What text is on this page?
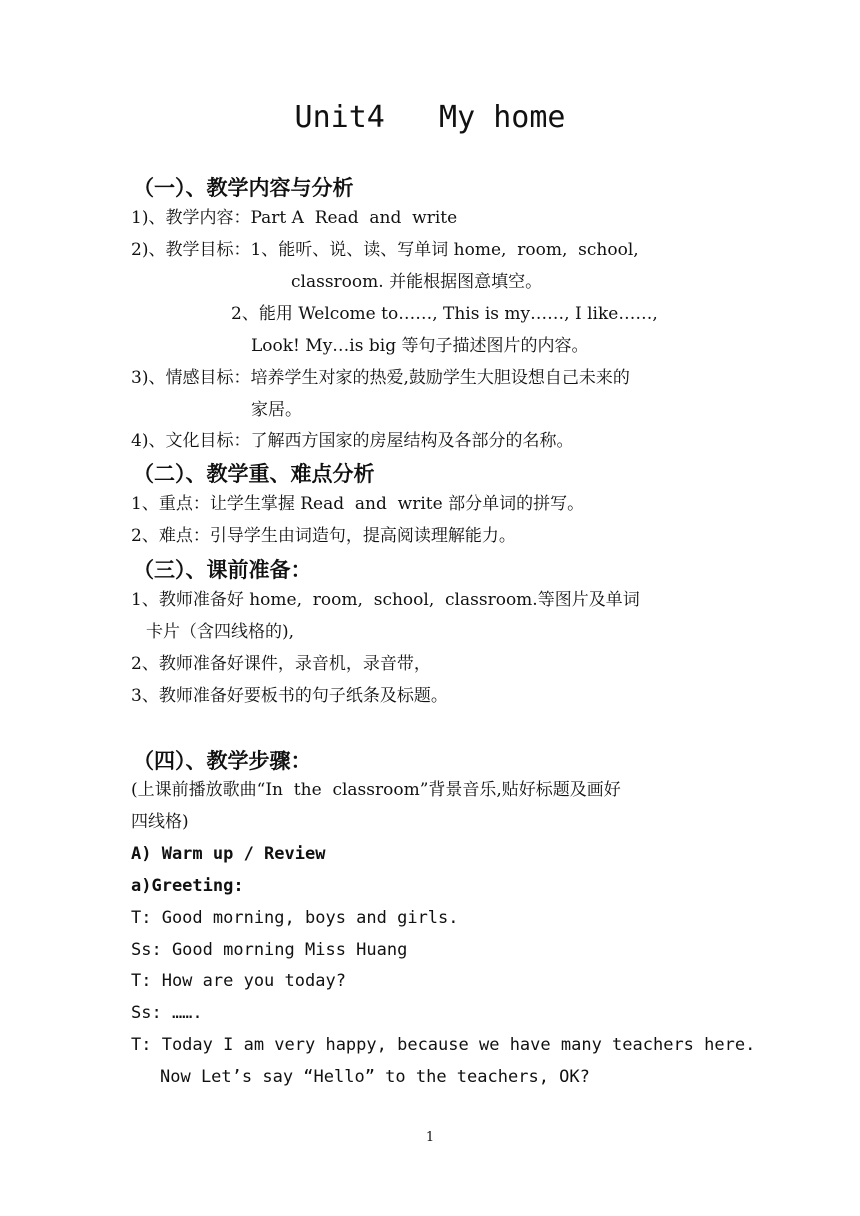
Unit4   My home
（一）、教学内容与分析
1)、教学内容：Part A  Read  and  write
2)、教学目标：1、能听、说、读、写单词 home,  room,  school,
classroom. 并能根据图意填空。
2、能用 Welcome to……, This is my……, I like……,
Look! My…is big 等句子描述图片的内容。
3)、情感目标：培养学生对家的热爱,鼓励学生大胆设想自己未来的
家居。
4)、文化目标：了解西方国家的房屋结构及各部分的名称。
（二）、教学重、难点分析
1、重点：让学生掌握 Read  and  write 部分单词的拼写。
2、难点：引导学生由词造句，提高阅读理解能力。
（三）、课前准备：
1、教师准备好 home,  room,  school,  classroom.等图片及单词
卡片（含四线格的),
2、教师准备好课件，录音机，录音带，
3、教师准备好要板书的句子纸条及标题。
（四）、教学步骤：
(上课前播放歌曲“In  the  classroom”背景音乐,贴好标题及画好
四线格)
A) Warm up / Review
a)Greeting:
T: Good morning, boys and girls.
Ss: Good morning Miss Huang
T: How are you today?
Ss: …….
T: Today I am very happy, because we have many teachers here.
Now Let’s say “Hello” to the teachers, OK?
1
